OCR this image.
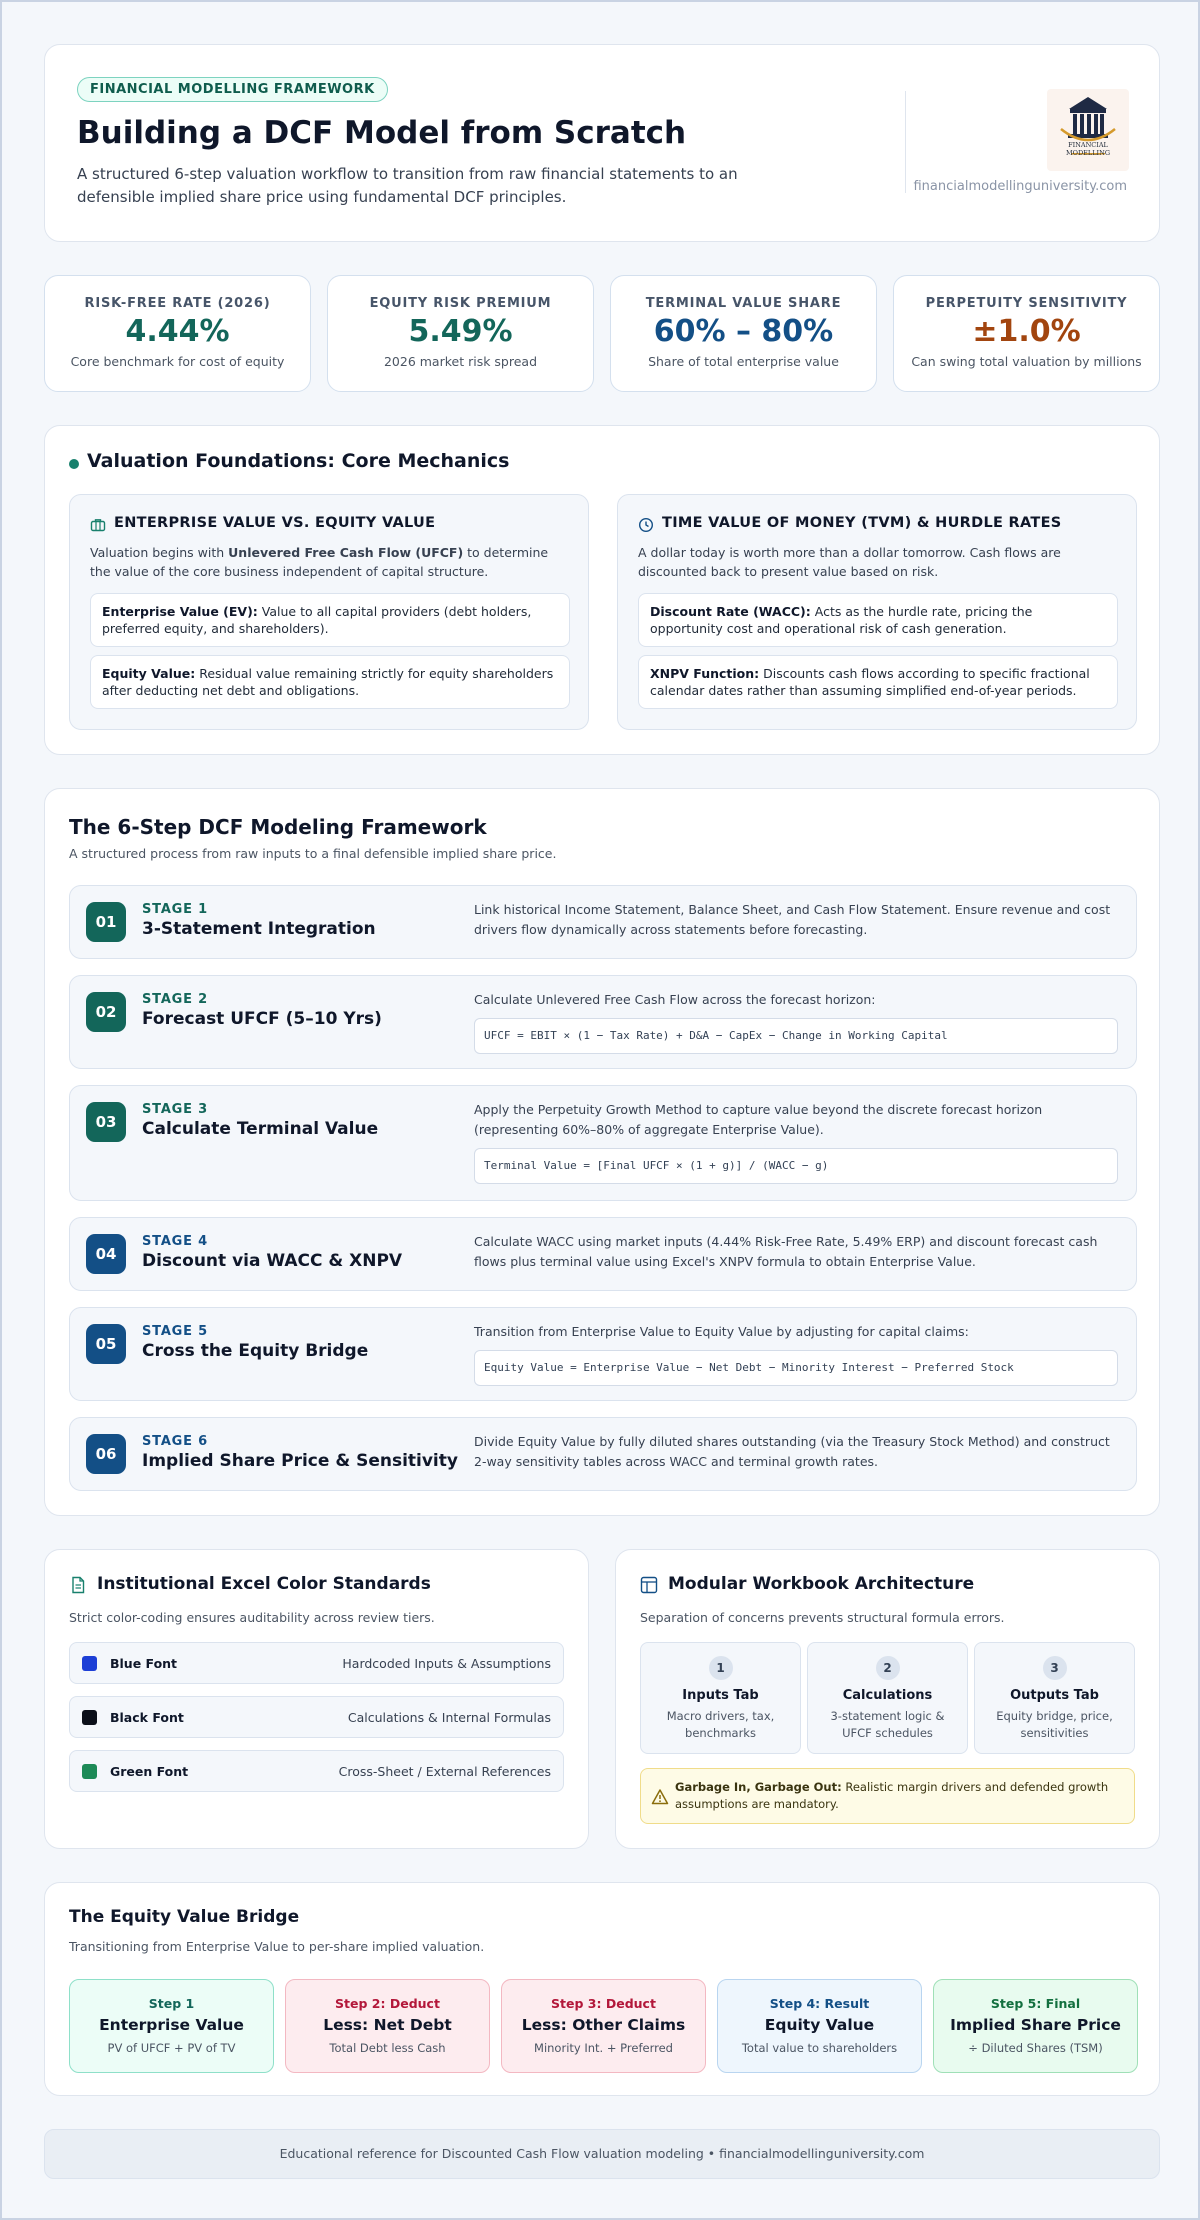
FINANCIAL MODELLING FRAMEWORK
Building a DCF Model from Scratch
A structured 6-step valuation workflow to transition from raw financial statements to an defensible implied share price using fundamental DCF principles.
FINANCIAL MODELLING
financialmodellinguniversity.com
RISK-FREE RATE (2026)
4.44%
Core benchmark for cost of equity
EQUITY RISK PREMIUM
5.49%
2026 market risk spread
TERMINAL VALUE SHARE
60% – 80%
Share of total enterprise value
PERPETUITY SENSITIVITY
±1.0%
Can swing total valuation by millions
Valuation Foundations: Core Mechanics
ENTERPRISE VALUE VS. EQUITY VALUE
Valuation begins with Unlevered Free Cash Flow (UFCF) to determine the value of the core business independent of capital structure.
Enterprise Value (EV): Value to all capital providers (debt holders, preferred equity, and shareholders).
Equity Value: Residual value remaining strictly for equity shareholders after deducting net debt and obligations.
TIME VALUE OF MONEY (TVM) & HURDLE RATES
A dollar today is worth more than a dollar tomorrow. Cash flows are discounted back to present value based on risk.
Discount Rate (WACC): Acts as the hurdle rate, pricing the opportunity cost and operational risk of cash generation.
XNPV Function: Discounts cash flows according to specific fractional calendar dates rather than assuming simplified end-of-year periods.
The 6-Step DCF Modeling Framework
A structured process from raw inputs to a final defensible implied share price.
01
STAGE 1
3-Statement Integration
Link historical Income Statement, Balance Sheet, and Cash Flow Statement. Ensure revenue and cost drivers flow dynamically across statements before forecasting.
02
STAGE 2
Forecast UFCF (5–10 Yrs)
Calculate Unlevered Free Cash Flow across the forecast horizon:
UFCF = EBIT × (1 − Tax Rate) + D&A − CapEx − Change in Working Capital
03
STAGE 3
Calculate Terminal Value
Apply the Perpetuity Growth Method to capture value beyond the discrete forecast horizon (representing 60%–80% of aggregate Enterprise Value).
Terminal Value = [Final UFCF × (1 + g)] / (WACC − g)
04
STAGE 4
Discount via WACC & XNPV
Calculate WACC using market inputs (4.44% Risk-Free Rate, 5.49% ERP) and discount forecast cash flows plus terminal value using Excel's XNPV formula to obtain Enterprise Value.
05
STAGE 5
Cross the Equity Bridge
Transition from Enterprise Value to Equity Value by adjusting for capital claims:
Equity Value = Enterprise Value − Net Debt − Minority Interest − Preferred Stock
06
STAGE 6
Implied Share Price & Sensitivity
Divide Equity Value by fully diluted shares outstanding (via the Treasury Stock Method) and construct 2-way sensitivity tables across WACC and terminal growth rates.
Institutional Excel Color Standards
Strict color-coding ensures auditability across review tiers.
Blue Font	Hardcoded Inputs & Assumptions
Black Font	Calculations & Internal Formulas
Green Font	Cross-Sheet / External References
Modular Workbook Architecture
Separation of concerns prevents structural formula errors.
1
Inputs Tab
Macro drivers, tax, benchmarks
2
Calculations
3-statement logic & UFCF schedules
3
Outputs Tab
Equity bridge, price, sensitivities
Garbage In, Garbage Out: Realistic margin drivers and defended growth assumptions are mandatory.
The Equity Value Bridge
Transitioning from Enterprise Value to per-share implied valuation.
Step 1
Enterprise Value
PV of UFCF + PV of TV
Step 2: Deduct
Less: Net Debt
Total Debt less Cash
Step 3: Deduct
Less: Other Claims
Minority Int. + Preferred
Step 4: Result
Equity Value
Total value to shareholders
Step 5: Final
Implied Share Price
÷ Diluted Shares (TSM)
Educational reference for Discounted Cash Flow valuation modeling • financialmodellinguniversity.com
